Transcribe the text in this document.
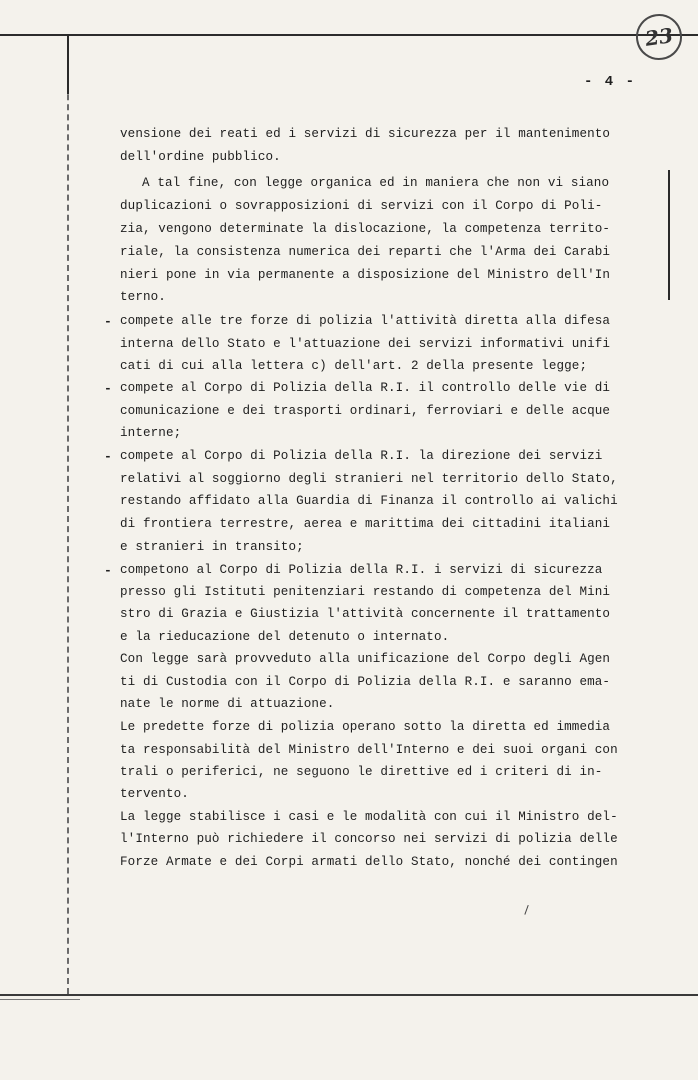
23
- 4 -
vensione dei reati ed i servizi di sicurezza per il mantenimento
dell'ordine pubblico.
A tal fine, con legge organica ed in maniera che non vi siano
duplicazioni o sovrapposizioni di servizi con il Corpo di Poli-
zia, vengono determinate la dislocazione, la competenza territo-
riale, la consistenza numerica dei reparti che l'Arma dei Carabi
nieri pone in via permanente a disposizione del Ministro dell'In
terno.
- compete alle tre forze di polizia l'attività diretta alla difesa
interna dello Stato e l'attuazione dei servizi informativi unifi
cati di cui alla lettera c) dell'art. 2 della presente legge;
- compete al Corpo di Polizia della R.I. il controllo delle vie di
comunicazione e dei trasporti ordinari, ferroviari e delle acque
interne;
- compete al Corpo di Polizia della R.I. la direzione dei servizi
relativi al soggiorno degli stranieri nel territorio dello Stato,
restando affidato alla Guardia di Finanza il controllo ai valichi
di frontiera terrestre, aerea e marittima dei cittadini italiani
e stranieri in transito;
- competono al Corpo di Polizia della R.I. i servizi di sicurezza
presso gli Istituti penitenziari restando di competenza del Mini
stro di Grazia e Giustizia l'attività concernente il trattamento
e la rieducazione del detenuto o internato.
Con legge sarà provveduto alla unificazione del Corpo degli Agen
ti di Custodia con il Corpo di Polizia della R.I. e saranno ema-
nate le norme di attuazione.
Le predette forze di polizia operano sotto la diretta ed immedia
ta responsabilità del Ministro dell'Interno e dei suoi organi con
trali o periferici, ne seguono le direttive ed i criteri di in-
tervento.
La legge stabilisce i casi e le modalità con cui il Ministro del-
l'Interno può richiedere il concorso nei servizi di polizia delle
Forze Armate e dei Corpi armati dello Stato, nonché dei contingen
